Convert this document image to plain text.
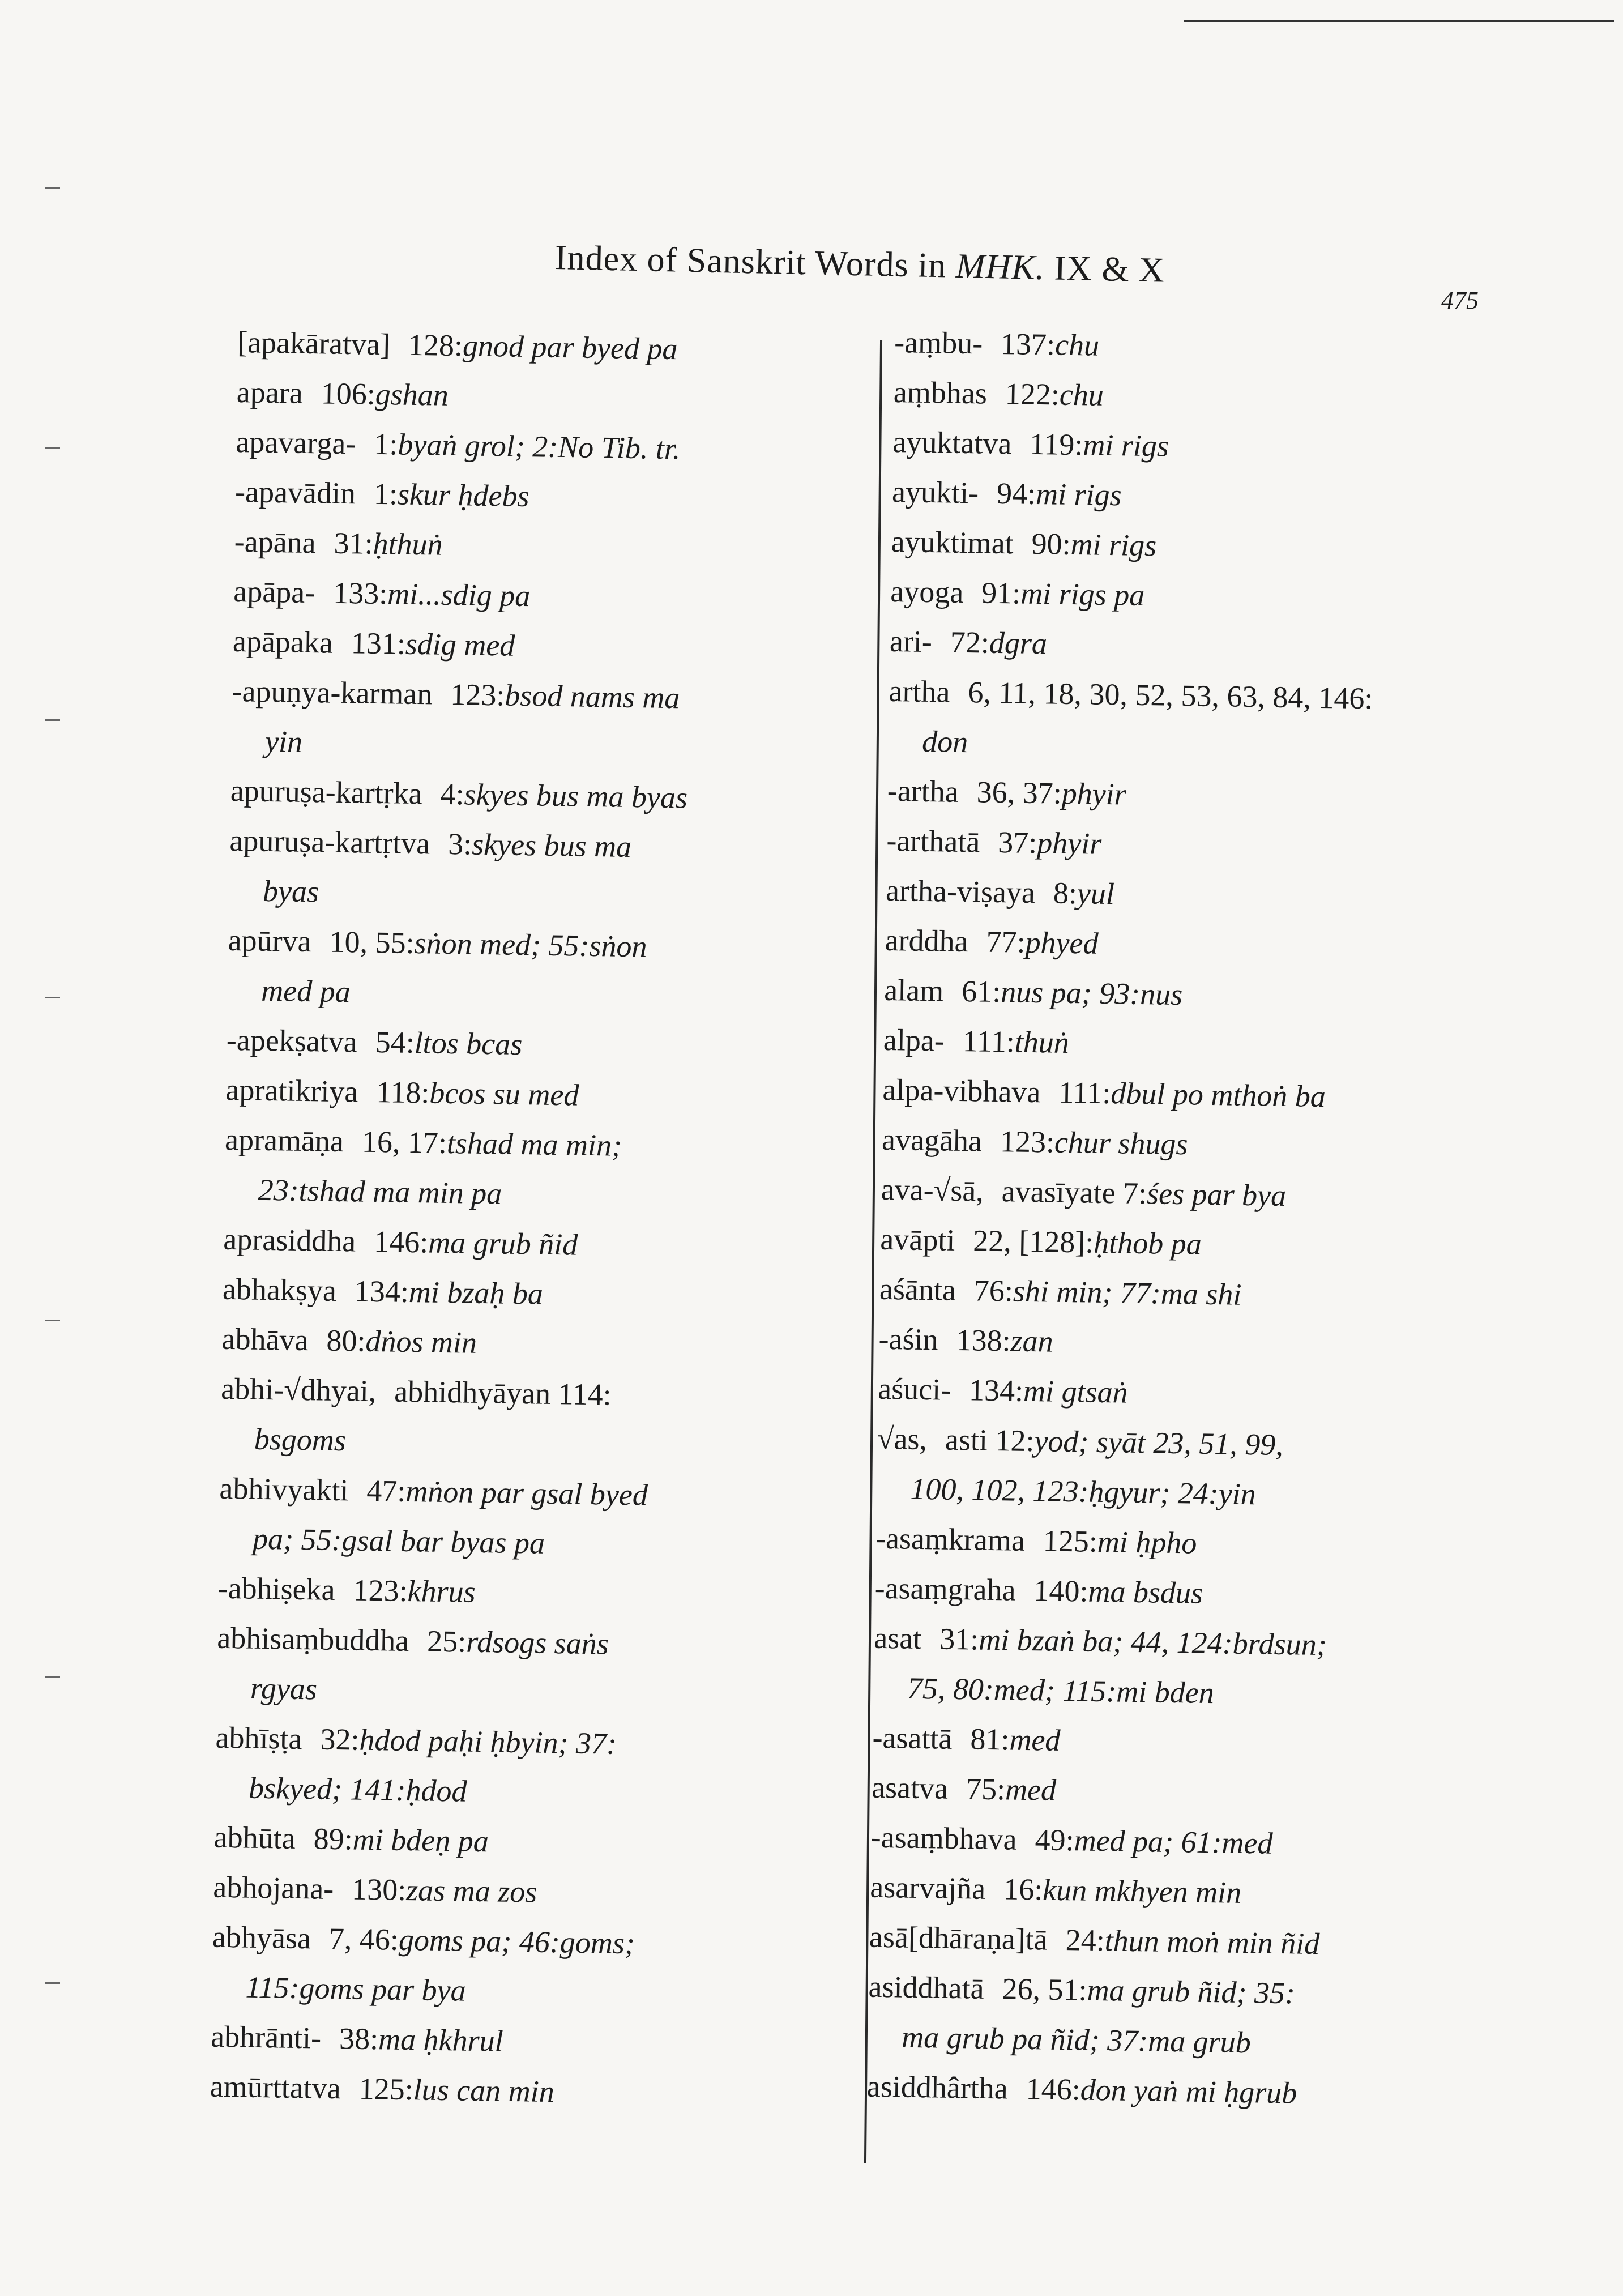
Index of Sanskrit Words in MHK. IX & X
475
[apakāratva] 128:gnod par byed pa
apara 106:gshan
apavarga- 1:byaṅ grol; 2:No Tib. tr.
-apavādin 1:skur ḥdebs
-apāna 31:ḥthuṅ
apāpa- 133:mi...sdig pa
apāpaka 131:sdig med
-apuṇya-karman 123:bsod nams ma
yin
apuruṣa-kartṛka 4:skyes bus ma byas
apuruṣa-kartṛtva 3:skyes bus ma
byas
apūrva 10, 55:sṅon med; 55:sṅon
med pa
-apekṣatva 54:ltos bcas
apratikriya 118:bcos su med
apramāṇa 16, 17:tshad ma min;
23:tshad ma min pa
aprasiddha 146:ma grub ñid
abhakṣya 134:mi bzaḥ ba
abhāva 80:dṅos min
abhi-√dhyai, abhidhyāyan 114:
bsgoms
abhivyakti 47:mṅon par gsal byed
pa; 55:gsal bar byas pa
-abhiṣeka 123:khrus
abhisaṃbuddha 25:rdsogs saṅs
rgyas
abhīṣṭa 32:ḥdod paḥi ḥbyin; 37:
bskyed; 141:ḥdod
abhūta 89:mi bdeṇ pa
abhojana- 130:zas ma zos
abhyāsa 7, 46:goms pa; 46:goms;
115:goms par bya
abhrānti- 38:ma ḥkhrul
amūrttatva 125:lus can min
-aṃbu- 137:chu
aṃbhas 122:chu
ayuktatva 119:mi rigs
ayukti- 94:mi rigs
ayuktimat 90:mi rigs
ayoga 91:mi rigs pa
ari- 72:dgra
artha 6, 11, 18, 30, 52, 53, 63, 84, 146:
don
-artha 36, 37:phyir
-arthatā 37:phyir
artha-viṣaya 8:yul
arddha 77:phyed
alam 61:nus pa; 93:nus
alpa- 111:thuṅ
alpa-vibhava 111:dbul po mthoṅ ba
avagāha 123:chur shugs
ava-√sā, avasīyate 7:śes par bya
avāpti 22, [128]:ḥthob pa
aśānta 76:shi min; 77:ma shi
-aśin 138:zan
aśuci- 134:mi gtsaṅ
√as, asti 12:yod; syāt 23, 51, 99,
100, 102, 123:ḥgyur; 24:yin
-asaṃkrama 125:mi ḥpho
-asaṃgraha 140:ma bsdus
asat 31:mi bzaṅ ba; 44, 124:brdsun;
75, 80:med; 115:mi bden
-asattā 81:med
asatva 75:med
-asaṃbhava 49:med pa; 61:med
asarvajña 16:kun mkhyen min
asā[dhāraṇa]tā 24:thun moṅ min ñid
asiddhatā 26, 51:ma grub ñid; 35:
ma grub pa ñid; 37:ma grub
asiddhârtha 146:don yaṅ mi ḥgrub
